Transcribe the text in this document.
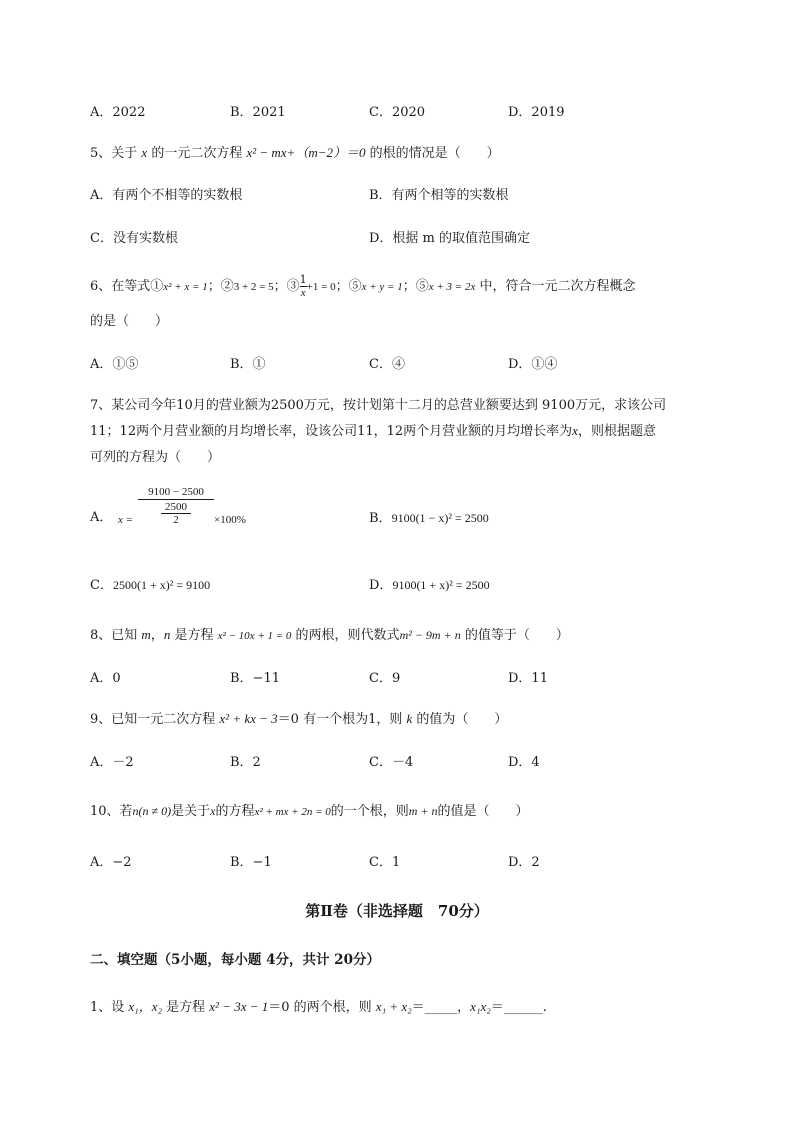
A．2022	B．2021	C．2020	D．2019
5、关于 x 的一元二次方程 x² − mx+（m−2）＝0 的根的情况是（　　）
A．有两个不相等的实数根	B．有两个相等的实数根
C．没有实数根	D．根据 m 的取值范围确定
6、在等式①x² + x = 1；②3 + 2 = 5；③ $\frac{1}{x} +1 = 0$；⑤x + y = 1；⑤x + 3 = 2x 中，符合一元二次方程概念
的是（　　）
A．①⑤	B．①	C．④	D．①④
7、某公司今年10月的营业额为2500万元，按计划第十二月的总营业额要达到 9100万元，求该公司
11；12两个月营业额的月均增长率，设该公司11，12两个月营业额的月均增长率为x，则根据题意
可列的方程为（　　）
A． x =
9100 − 2500
2500
2	×100%	B．9100(1 − x)² = 2500
C．2500(1 + x)² = 9100	D．9100(1 + x)² = 2500
8、已知 m，n 是方程 x² − 10x + 1 = 0 的两根，则代数式m² − 9m + n 的值等于（　　）
A．0	B．−11	C．9	D．11
9、已知一元二次方程 x² + kx − 3＝0 有一个根为1，则 k 的值为（　　）
A．－2	B．2	C．－4	D．4
10、若n(n ≠ 0)是关于x的方程x² + mx + 2n = 0的一个根，则m + n的值是（　　）
A．−2	B．−1	C．1	D．2
第Ⅱ卷（非选择题　70分）
二、填空题（5小题，每小题 4分，共计 20分）
1、设 x₁，x₂ 是方程 x² − 3x − 1＝0 的两个根，则 x₁ + x₂＝_____，x₁x₂＝______.
